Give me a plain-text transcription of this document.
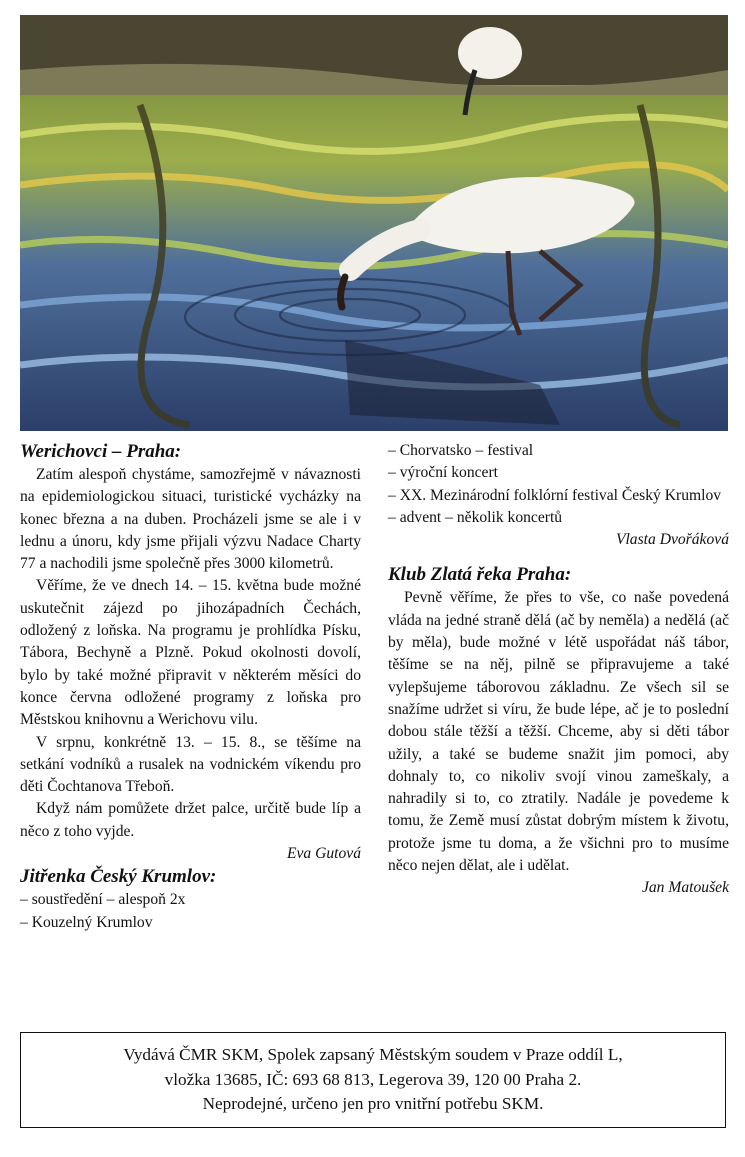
Werichovci – Praha:

Zatím alespoň chystáme, samozřejmě v návaznosti na epidemiologickou situaci, turistické vycházky na konec března a na duben. Procházeli jsme se ale i v lednu a únoru, kdy jsme přijali výzvu Nadace Charty 77 a nachodili jsme společně přes 3000 kilometrů.

Věříme, že ve dnech 14. – 15. května bude možné uskutečnit zájezd po jihozápadních Čechách, odložený z loňska. Na programu je prohlídka Písku, Tábora, Bechyně a Plzně. Pokud okolnosti dovolí, bylo by také možné připravit v některém měsíci do konce června odložené programy z loňska pro Městskou knihovnu a Werichovu vilu.

V srpnu, konkrétně 13. – 15. 8., se těšíme na setkání vodníků a rusalek na vodnickém víkendu pro děti Čochtanova Třeboň.

Když nám pomůžete držet palce, určitě bude líp a něco z toho vyjde.

Eva Gutová
Jitřenka Český Krumlov:
– soustředění – alespoň 2x
– Kouzelný Krumlov
– Chorvatsko – festival
– výroční koncert
– XX. Mezinárodní folklórní festival Český Krumlov
– advent – několik koncertů
Vlasta Dvořáková
Klub Zlatá řeka Praha:

Pevně věříme, že přes to vše, co naše povedená vláda na jedné straně dělá (ač by neměla) a nedělá (ač by měla), bude možné v létě uspořádat náš tábor, těšíme se na něj, pilně se připravujeme a také vylepšujeme táborovou základnu. Ze všech sil se snažíme udržet si víru, že bude lépe, ač je to poslední dobou stále těžší a těžší. Chceme, aby si děti tábor užily, a také se budeme snažit jim pomoci, aby dohnaly to, co nikoliv svojí vinou zameškaly, a nahradily si to, co ztratily. Nadále je povedeme k tomu, že Země musí zůstat dobrým místem k životu, protože jsme tu doma, a že všichni pro to musíme něco nejen dělat, ale i udělat.

Jan Matoušek
Vydává ČMR SKM, Spolek zapsaný Městským soudem v Praze oddíl L,
vložka 13685, IČ: 693 68 813, Legerova 39, 120 00 Praha 2.
Neprodejné, určeno jen pro vnitřní potřebu SKM.
